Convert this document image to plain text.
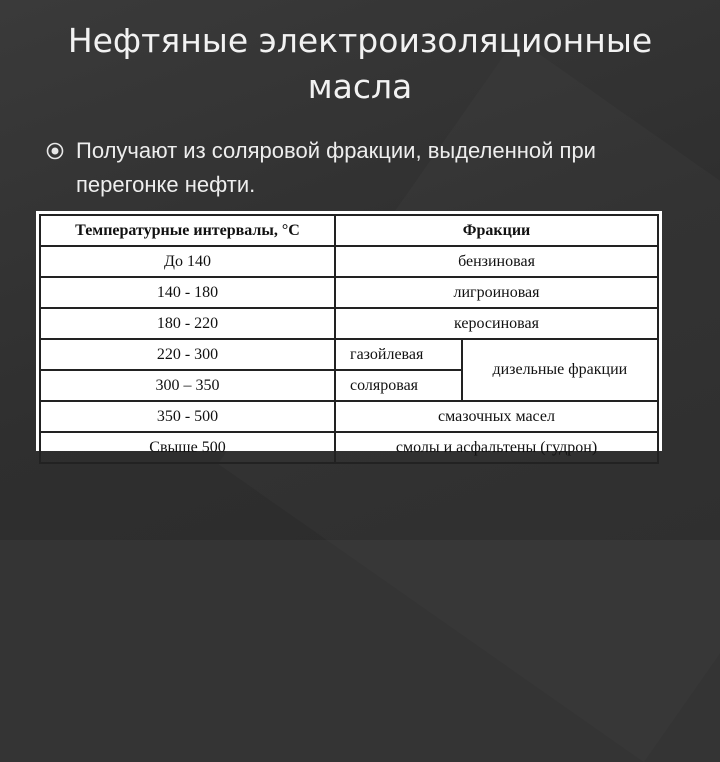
Нефтяные электроизоляционные
масла
Получают из соляровой фракции, выделенной при перегонке нефти.
Температурные интервалы, °С	Фракции	
До 140	бензиновая	
140 - 180	лигроиновая	
180 - 220	керосиновая	
220 - 300	газойлевая	дизельные фракции
300 – 350	соляровая	
350 - 500	смазочных масел	
Свыше 500	смолы и асфальтены (гудрон)	
